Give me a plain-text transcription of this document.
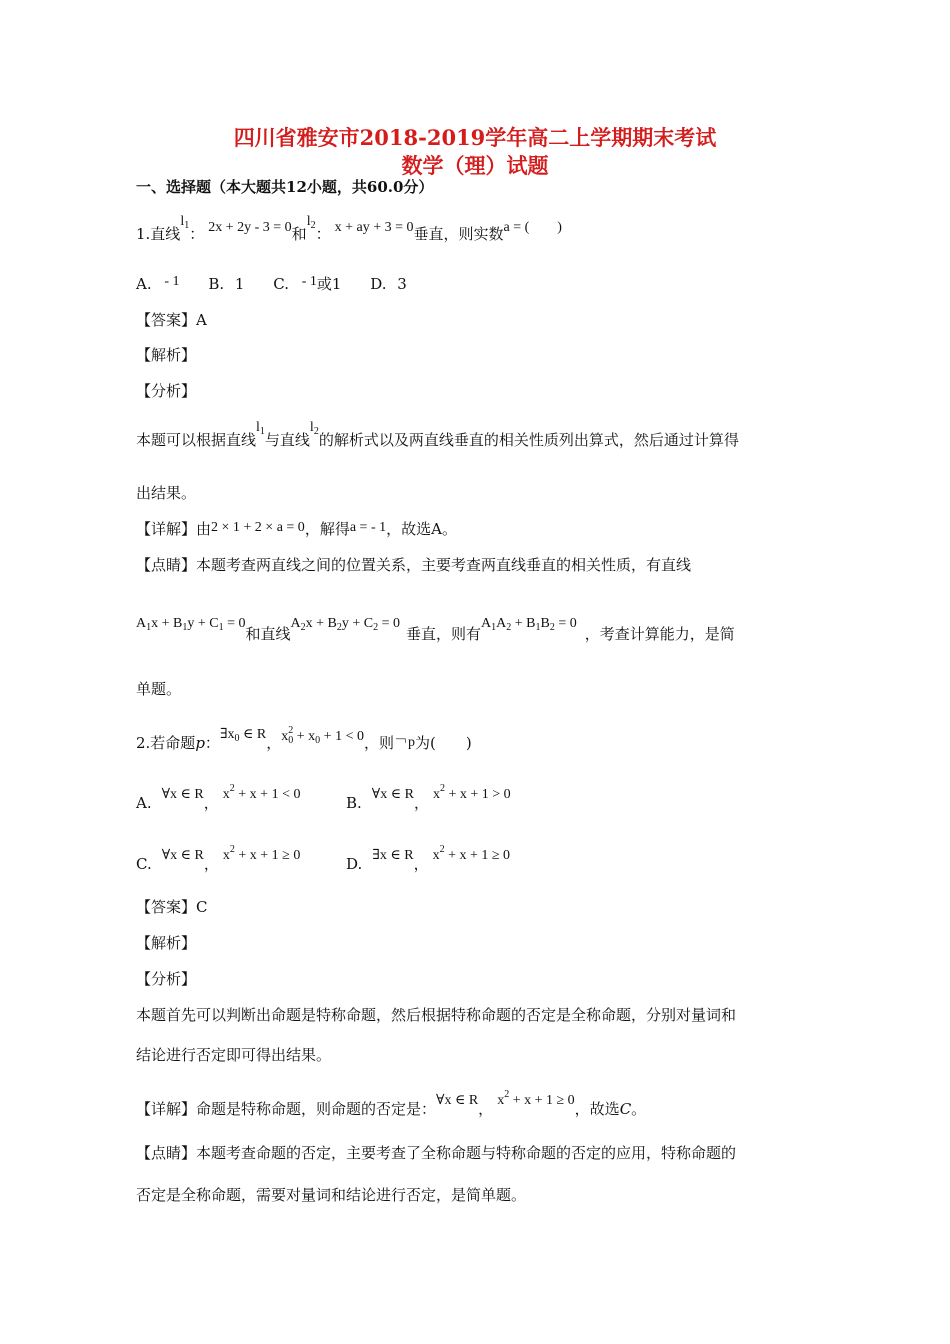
四川省雅安市2018-2019学年高二上学期期末考试
数学（理）试题
一、选择题（本大题共12小题，共60.0分）
1.直线$l_1$： 2x + 2y - 3 = 0和$l_2$： x + ay + 3 = 0垂直，则实数a = (　　)
A. - 1 B. 1 C. - 1或1 D. 3
【答案】A
【解析】
【分析】
本题可以根据直线$l_1$与直线$l_2$的解析式以及两直线垂直的相关性质列出算式，然后通过计算得
出结果。
【详解】由2 × 1 + 2 × a = 0，解得a = - 1，故选A。
【点睛】本题考查两直线之间的位置关系，主要考查两直线垂直的相关性质，有直线
$A_1x + B_1y + C_1 = 0$和直线$A_2x + B_2y + C_2 = 0$垂直，则有$A_1A_2 + B_1B_2 = 0$，考查计算能力，是简
单题。
2.若命题p：$\exists x_0$ ∈ R，$x^2_0 + x_0 + 1 < 0$，则￢p为(　　)
A. ∀x ∈ R， $x^2 + x + 1 < 0$	B. ∀x ∈ R， $x^2 + x + 1 > 0$
C. ∀x ∈ R， $x^2 + x + 1 \ge 0$	D. ∃x ∈ R， $x^2 + x + 1 \ge 0$
【答案】C
【解析】
【分析】
本题首先可以判断出命题是特称命题，然后根据特称命题的否定是全称命题，分别对量词和
结论进行否定即可得出结果。
【详解】命题是特称命题，则命题的否定是：∀x ∈ R， $x^2 + x + 1 \ge 0$，故选C。
【点睛】本题考查命题的否定，主要考查了全称命题与特称命题的否定的应用，特称命题的
否定是全称命题，需要对量词和结论进行否定，是简单题。
